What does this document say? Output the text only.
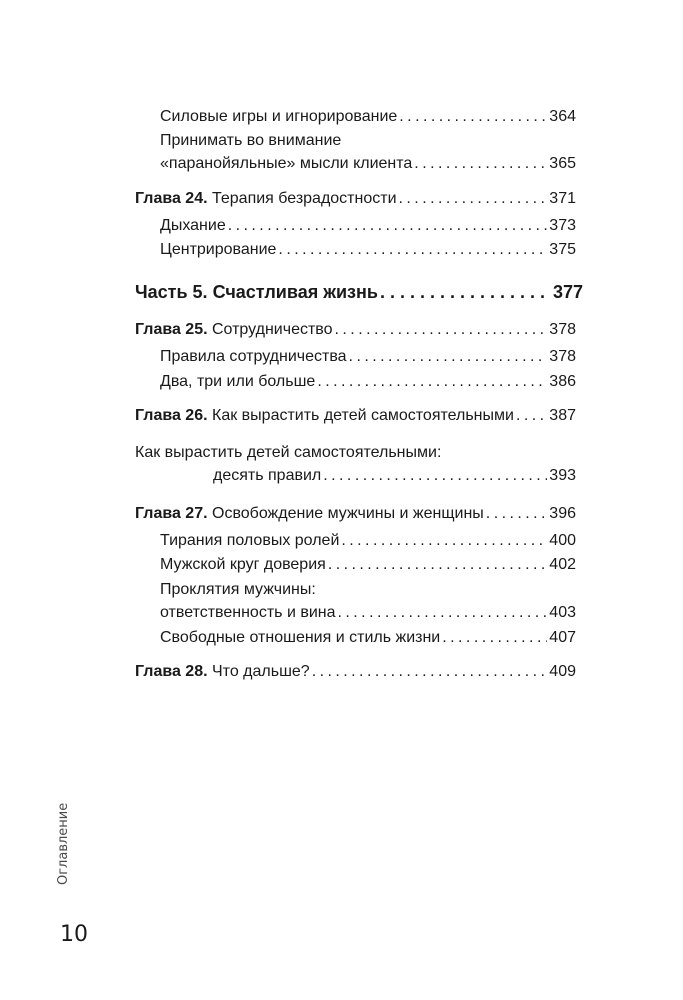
Силовые игры и игнорирование . . .	364
Принимать во внимание
«паранойяльные» мысли клиента . . .	365
Глава 24. Терапия безрадостности . . .	371
Дыхание . . .	373
Центрирование . . .	375
Часть 5. Счастливая жизнь . . .	377
Глава 25. Сотрудничество . . .	378
Правила сотрудничества . . .	378
Два, три или больше . . .	386
Глава 26. Как вырастить детей самостоятельными . . . 387
Как вырастить детей самостоятельными:
десять правил . . .	393
Глава 27. Освобождение мужчины и женщины . . .	396
Тирания половых ролей . . .	400
Мужской круг доверия . . .	402
Проклятия мужчины:
ответственность и вина . . .	403
Свободные отношения и стиль жизни . . .	407
Глава 28. Что дальше? . . .	409
Оглавление
10
